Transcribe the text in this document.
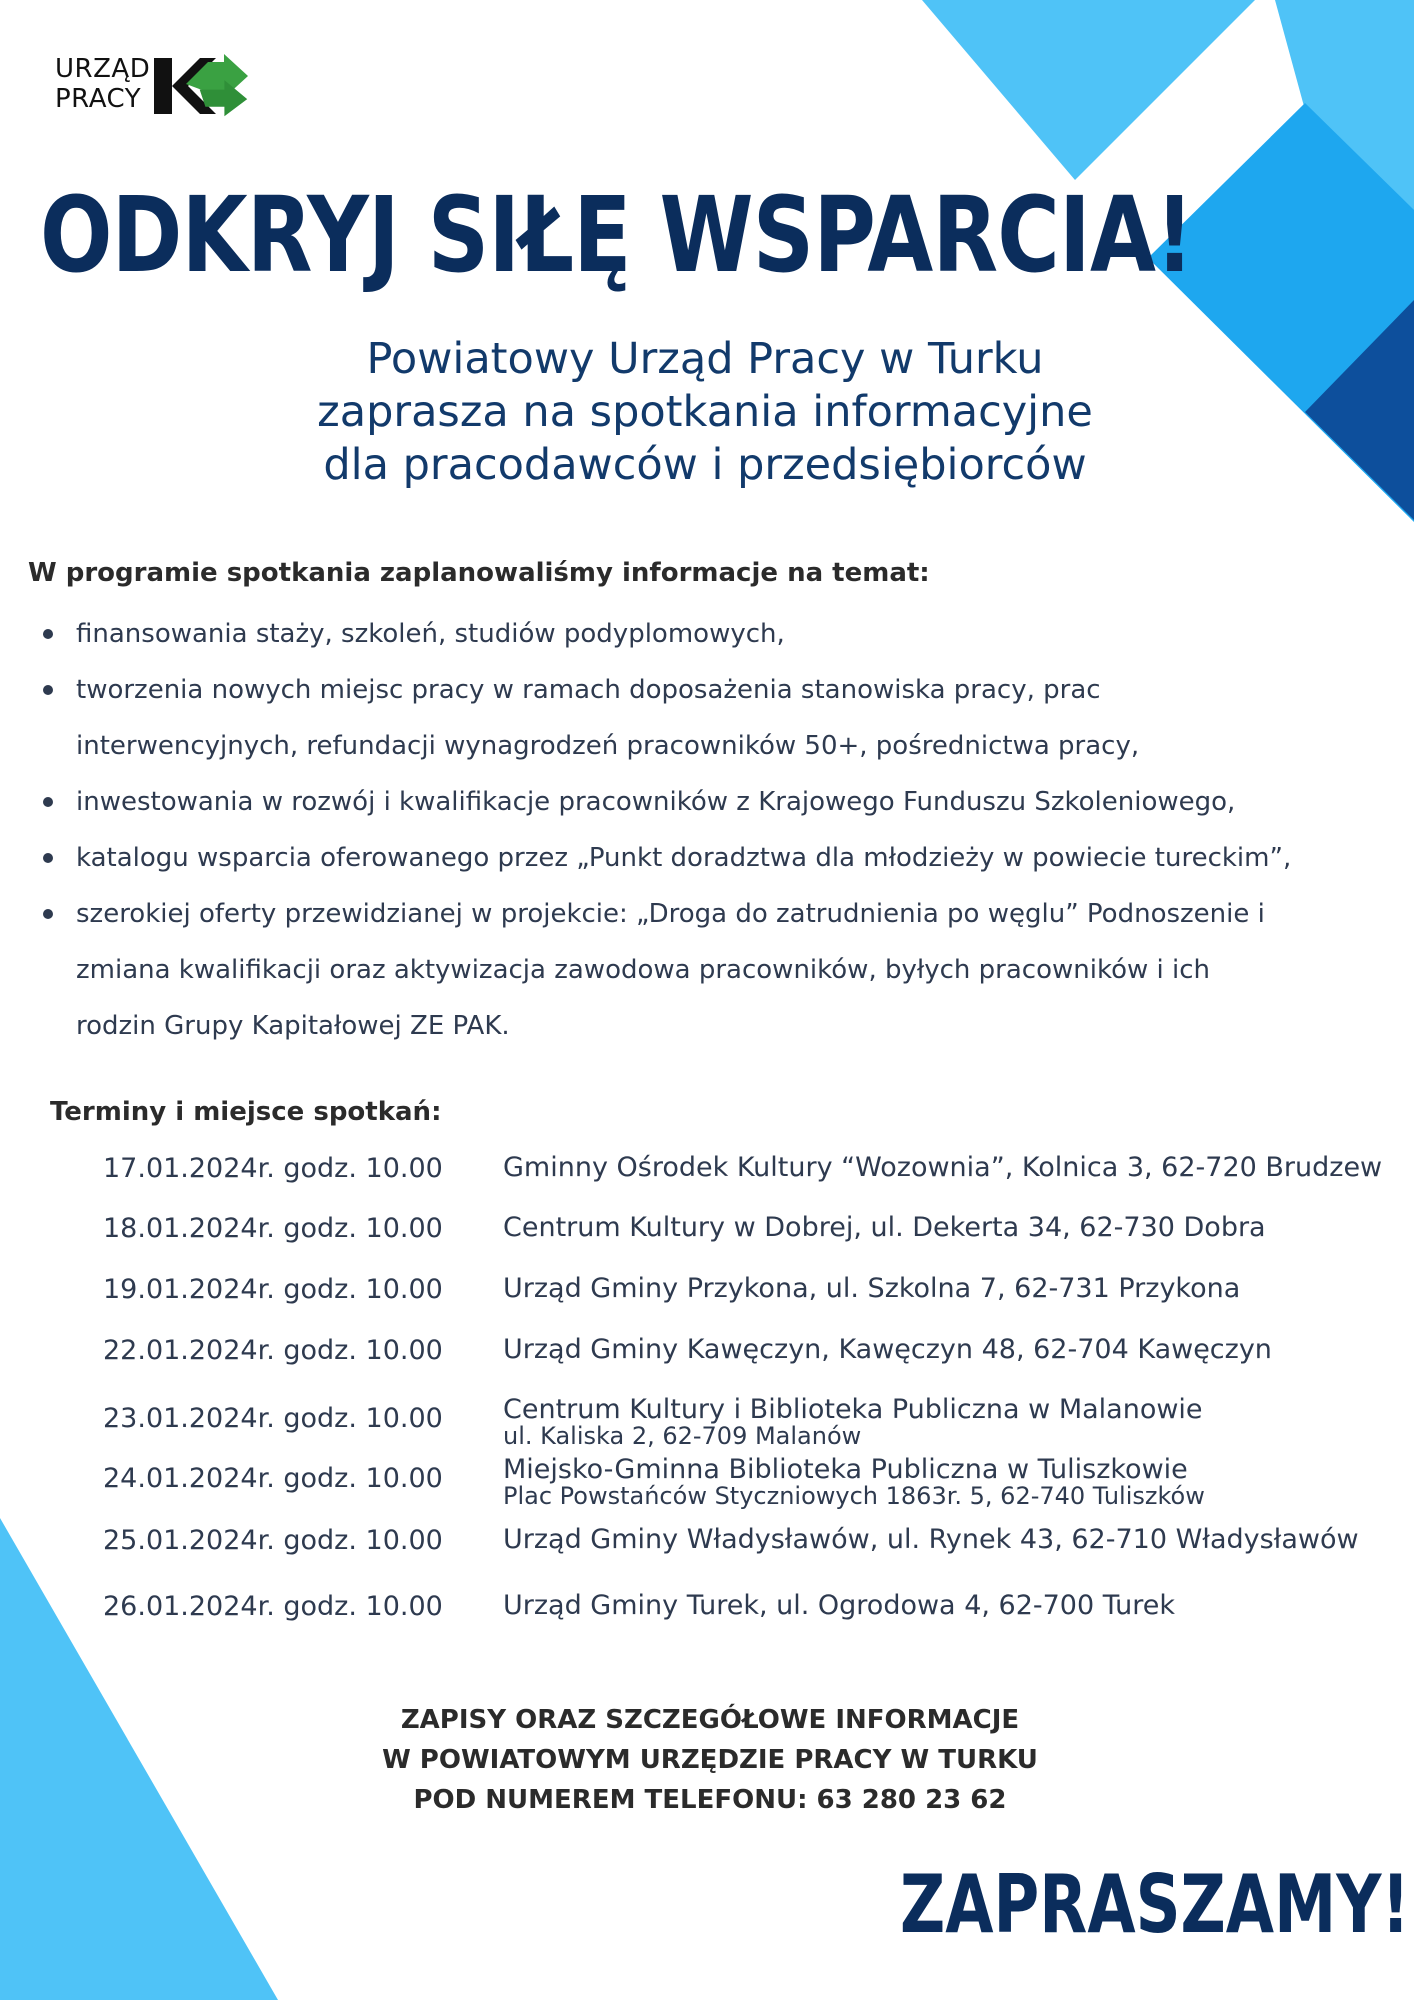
URZĄD
PRACY
ODKRYJ SIŁĘ WSPARCIA!
Powiatowy Urząd Pracy w Turku
zaprasza na spotkania informacyjne
dla pracodawców i przedsiębiorców
W programie spotkania zaplanowaliśmy informacje na temat:
finansowania staży, szkoleń, studiów podyplomowych,
tworzenia nowych miejsc pracy w ramach doposażenia stanowiska pracy, prac
interwencyjnych, refundacji wynagrodzeń pracowników 50+, pośrednictwa pracy,
inwestowania w rozwój i kwalifikacje pracowników z Krajowego Funduszu Szkoleniowego,
katalogu wsparcia oferowanego przez „Punkt doradztwa dla młodzieży w powiecie tureckim”,
szerokiej oferty przewidzianej w projekcie: „Droga do zatrudnienia po węglu” Podnoszenie i
zmiana kwalifikacji oraz aktywizacja zawodowa pracowników, byłych pracowników i ich
rodzin Grupy Kapitałowej ZE PAK.
Terminy i miejsce spotkań:
17.01.2024r. godz. 10.00 Gminny Ośrodek Kultury “Wozownia”, Kolnica 3, 62-720 Brudzew
18.01.2024r. godz. 10.00 Centrum Kultury w Dobrej, ul. Dekerta 34, 62-730 Dobra
19.01.2024r. godz. 10.00 Urząd Gminy Przykona, ul. Szkolna 7, 62-731 Przykona
22.01.2024r. godz. 10.00 Urząd Gminy Kawęczyn, Kawęczyn 48, 62-704 Kawęczyn
23.01.2024r. godz. 10.00 Centrum Kultury i Biblioteka Publiczna w Malanowie
ul. Kaliska 2, 62-709 Malanów
24.01.2024r. godz. 10.00 Miejsko-Gminna Biblioteka Publiczna w Tuliszkowie
Plac Powstańców Styczniowych 1863r. 5, 62-740 Tuliszków
25.01.2024r. godz. 10.00 Urząd Gminy Władysławów, ul. Rynek 43, 62-710 Władysławów
26.01.2024r. godz. 10.00 Urząd Gminy Turek, ul. Ogrodowa 4, 62-700 Turek
ZAPISY ORAZ SZCZEGÓŁOWE INFORMACJE
W POWIATOWYM URZĘDZIE PRACY W TURKU
POD NUMEREM TELEFONU: 63 280 23 62
ZAPRASZAMY!
